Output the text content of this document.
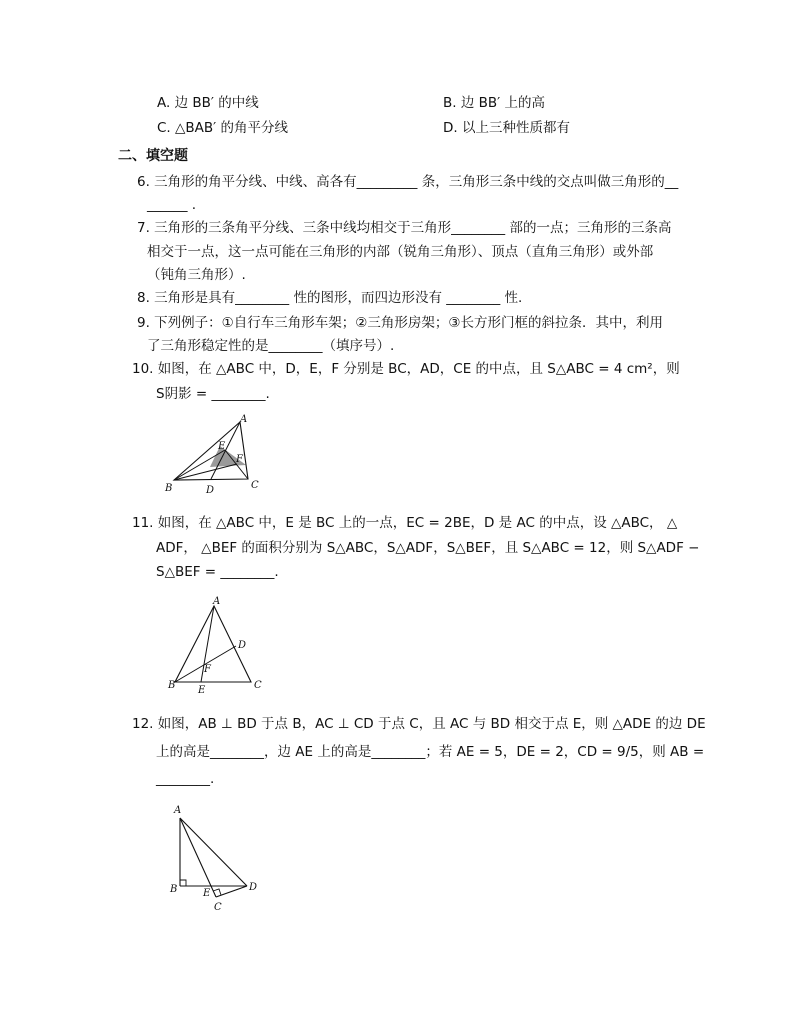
A. 边 BB′ 的中线	B. 边 BB′ 上的高
C. △BAB′ 的角平分线	D. 以上三种性质都有
二、填空题
6. 三角形的角平分线、中线、高各有_________ 条，三角形三条中线的交点叫做三角形的__
______ .
7. 三角形的三条角平分线、三条中线均相交于三角形________ 部的一点；三角形的三条高
相交于一点，这一点可能在三角形的内部（锐角三角形）、顶点（直角三角形）或外部
（钝角三角形）.
8. 三角形是具有________ 性的图形，而四边形没有 ________ 性.
9. 下列例子：①自行车三角形车架；②三角形房架；③长方形门框的斜拉条．其中，利用
了三角形稳定性的是________（填序号）.
10. 如图，在 △ABC 中，D，E，F 分别是 BC，AD，CE 的中点，且 S△ABC = 4 cm²，则
S阴影 = ________.
A
B	C
D
E
F
11. 如图，在 △ABC 中，E 是 BC 上的一点，EC = 2BE，D 是 AC 的中点，设 △ABC， △
ADF， △BEF 的面积分别为 S△ABC，S△ADF，S△BEF，且 S△ABC = 12，则 S△ADF −
S△BEF = ________.
A
B	C
D
E
F
12. 如图，AB ⊥ BD 于点 B，AC ⊥ CD 于点 C，且 AC 与 BD 相交于点 E，则 △ADE 的边 DE
上的高是________，边 AE 上的高是________；若 AE = 5，DE = 2，CD = 9/5，则 AB =
________.
A
B
C
D
E
